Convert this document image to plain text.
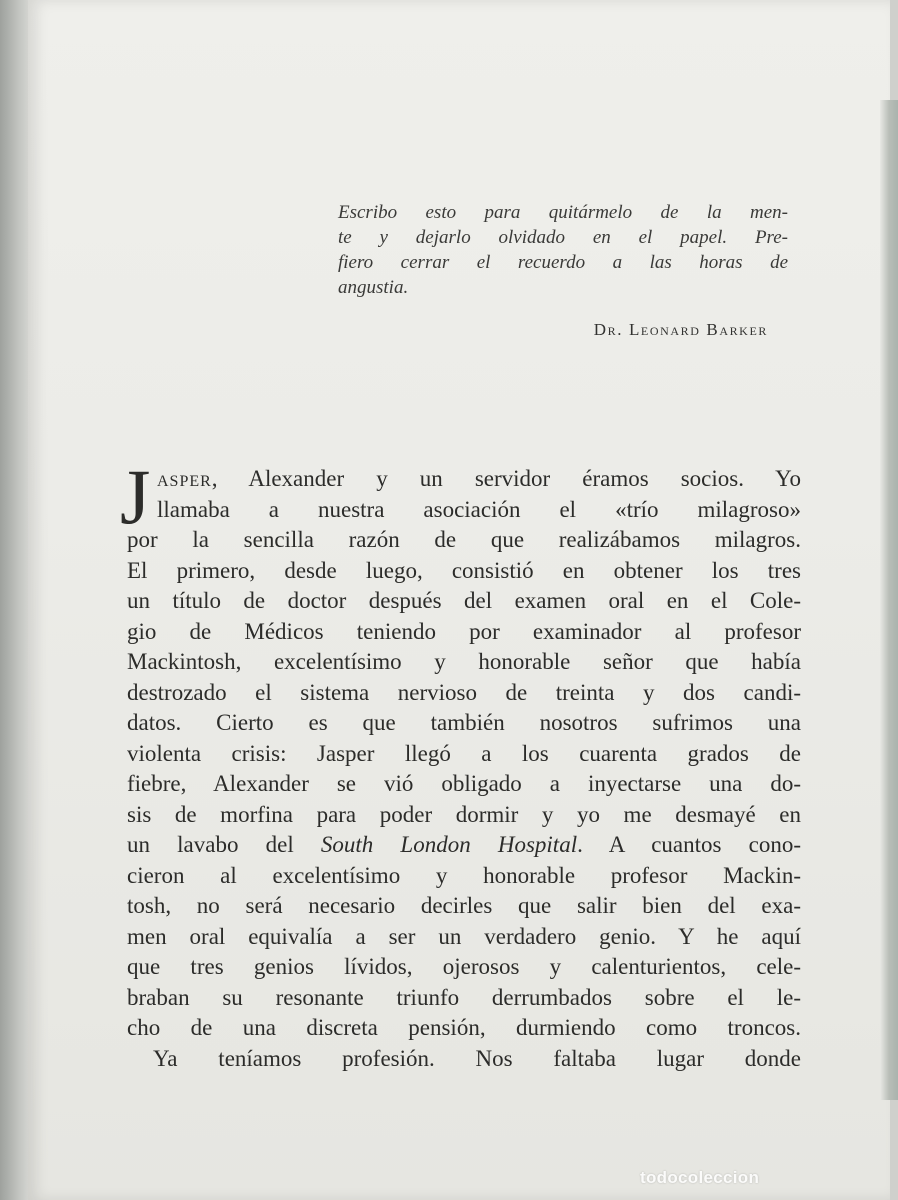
Escribo esto para quitármelo de la men-
te y dejarlo olvidado en el papel. Pre-
fiero cerrar el recuerdo a las horas de
angustia.
Dr. Leonard Barker
J asper, Alexander y un servidor éramos socios. Yo
llamaba a nuestra asociación el «trío milagroso»
por la sencilla razón de que realizábamos milagros.
El primero, desde luego, consistió en obtener los tres
un título de doctor después del examen oral en el Cole-
gio de Médicos teniendo por examinador al profesor
Mackintosh, excelentísimo y honorable señor que había
destrozado el sistema nervioso de treinta y dos candi-
datos. Cierto es que también nosotros sufrimos una
violenta crisis: Jasper llegó a los cuarenta grados de
fiebre, Alexander se vió obligado a inyectarse una do-
sis de morfina para poder dormir y yo me desmayé en
un lavabo del South London Hospital. A cuantos cono-
cieron al excelentísimo y honorable profesor Mackin-
tosh, no será necesario decirles que salir bien del exa-
men oral equivalía a ser un verdadero genio. Y he aquí
que tres genios lívidos, ojerosos y calenturientos, cele-
braban su resonante triunfo derrumbados sobre el le-
cho de una discreta pensión, durmiendo como troncos.
Ya teníamos profesión. Nos faltaba lugar donde
todocoleccion
